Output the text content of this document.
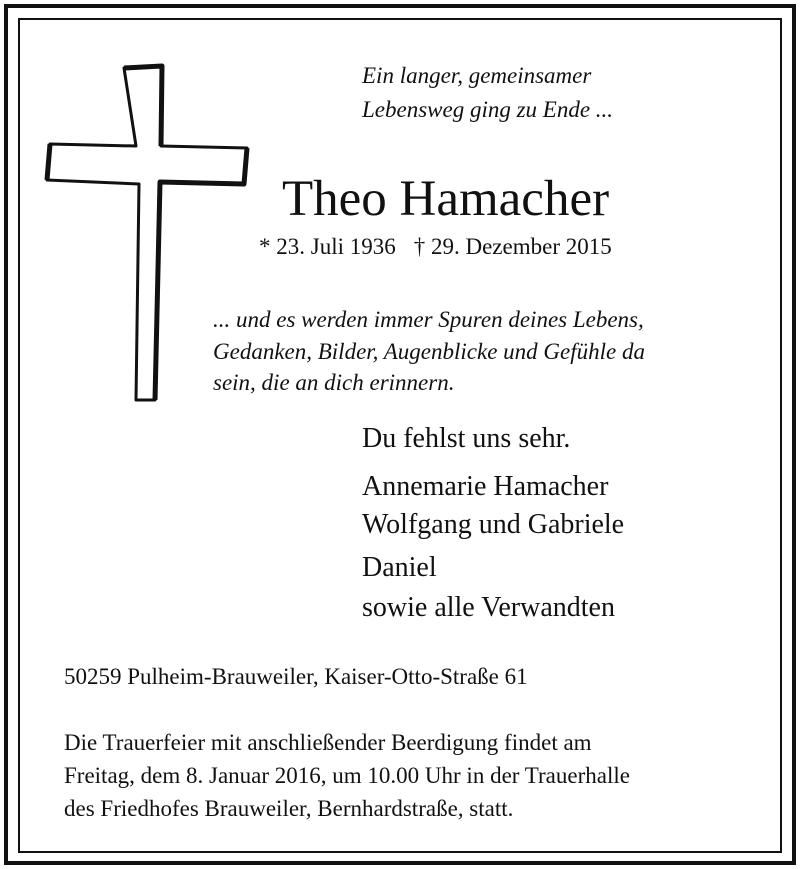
Ein langer, gemeinsamer
Lebensweg ging zu Ende ...
Theo Hamacher
* 23. Juli 1936 † 29. Dezember 2015
... und es werden immer Spuren deines Lebens,
Gedanken, Bilder, Augenblicke und Gefühle da
sein, die an dich erinnern.
Du fehlst uns sehr.
Annemarie Hamacher
Wolfgang und Gabriele
Daniel
sowie alle Verwandten
50259 Pulheim-Brauweiler, Kaiser-Otto-Straße 61
Die Trauerfeier mit anschließender Beerdigung findet am
Freitag, dem 8. Januar 2016, um 10.00 Uhr in der Trauerhalle
des Friedhofes Brauweiler, Bernhardstraße, statt.
